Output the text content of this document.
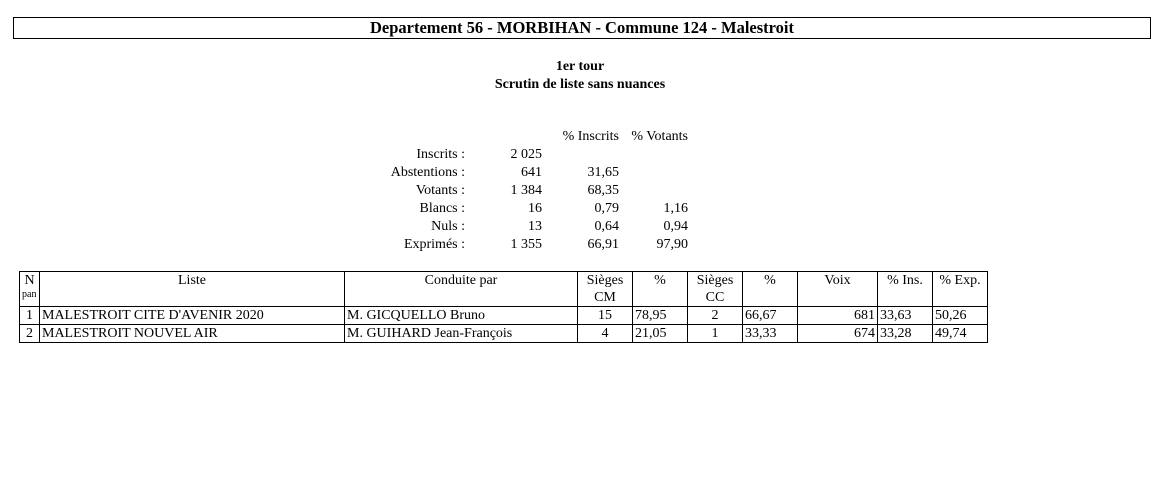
Departement 56 - MORBIHAN - Commune 124 - Malestroit
1er tour
Scrutin de liste sans nuances
		% Inscrits	% Votants
Inscrits :	2 025		
Abstentions :	641	31,65	
Votants :	1 384	68,35	
Blancs :	16	0,79	1,16
Nuls :	13	0,64	0,94
Exprimés :	1 355	66,91	97,90
N	Liste	Conduite par	Sièges	%	Sièges	%	Voix	% Ins.	% Exp.
pan			CM		CC				
1	MALESTROIT CITE D'AVENIR 2020	M. GICQUELLO Bruno	15	78,95	2	66,67	681	33,63	50,26
2	MALESTROIT NOUVEL AIR	M. GUIHARD Jean-François	4	21,05	1	33,33	674	33,28	49,74
